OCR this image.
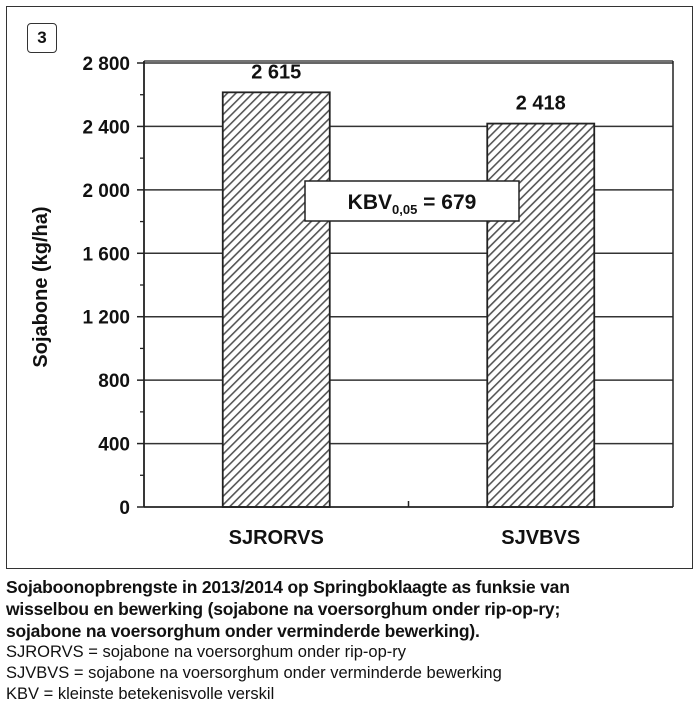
3
0
400
800
1 200
1 600
2 000
2 400
2 800	2 615
SJRORVS
2 418
SJVBVS
Sojabone (kg/ha)
$KBV_{0,05} = 679$

Sojaboonopbrengste in 2013/2014 op Springboklaagte as funksie van

wisselbou en bewerking (sojabone na voersorghum onder rip-op-ry;

sojabone na voersorghum onder verminderde bewerking).

SJRORVS = sojabone na voersorghum onder rip-op-ry

SJVBVS = sojabone na voersorghum onder verminderde bewerking

KBV = kleinste betekenisvolle verskil
